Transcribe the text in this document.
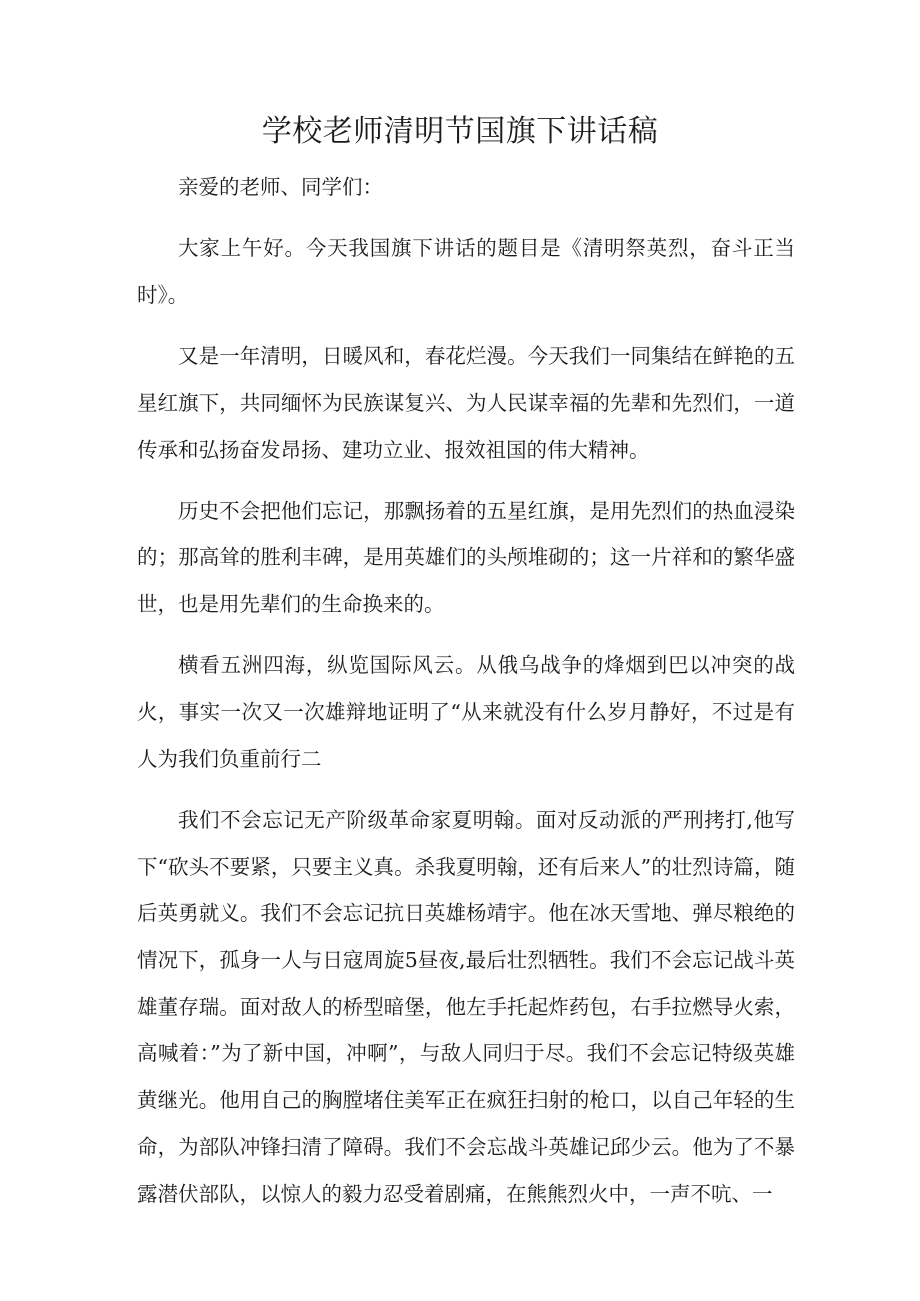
学校老师清明节国旗下讲话稿

亲爱的老师、同学们：

大家上午好。今天我国旗下讲话的题目是《清明祭英烈，奋斗正当时》。

又是一年清明，日暖风和，春花烂漫。今天我们一同集结在鲜艳的五星红旗下，共同缅怀为民族谋复兴、为人民谋幸福的先辈和先烈们，一道传承和弘扬奋发昂扬、建功立业、报效祖国的伟大精神。

历史不会把他们忘记，那飘扬着的五星红旗，是用先烈们的热血浸染的；那高耸的胜利丰碑，是用英雄们的头颅堆砌的；这一片祥和的繁华盛世，也是用先辈们的生命换来的。

横看五洲四海，纵览国际风云。从俄乌战争的烽烟到巴以冲突的战火，事实一次又一次雄辩地证明了“从来就没有什么岁月静好，不过是有人为我们负重前行二

我们不会忘记无产阶级革命家夏明翰。面对反动派的严刑拷打,他写下“砍头不要紧，只要主义真。杀我夏明翰，还有后来人”的壮烈诗篇，随后英勇就义。我们不会忘记抗日英雄杨靖宇。他在冰天雪地、弹尽粮绝的情况下，孤身一人与日寇周旋5昼夜,最后壮烈牺牲。我们不会忘记战斗英雄董存瑞。面对敌人的桥型暗堡，他左手托起炸药包，右手拉燃导火索，高喊着：”为了新中国，冲啊”，与敌人同归于尽。我们不会忘记特级英雄黄继光。他用自己的胸膛堵住美军正在疯狂扫射的枪口，以自己年轻的生命，为部队冲锋扫清了障碍。我们不会忘战斗英雄记邱少云。他为了不暴露潜伏部队，以惊人的毅力忍受着剧痛，在熊熊烈火中，一声不吭、一
